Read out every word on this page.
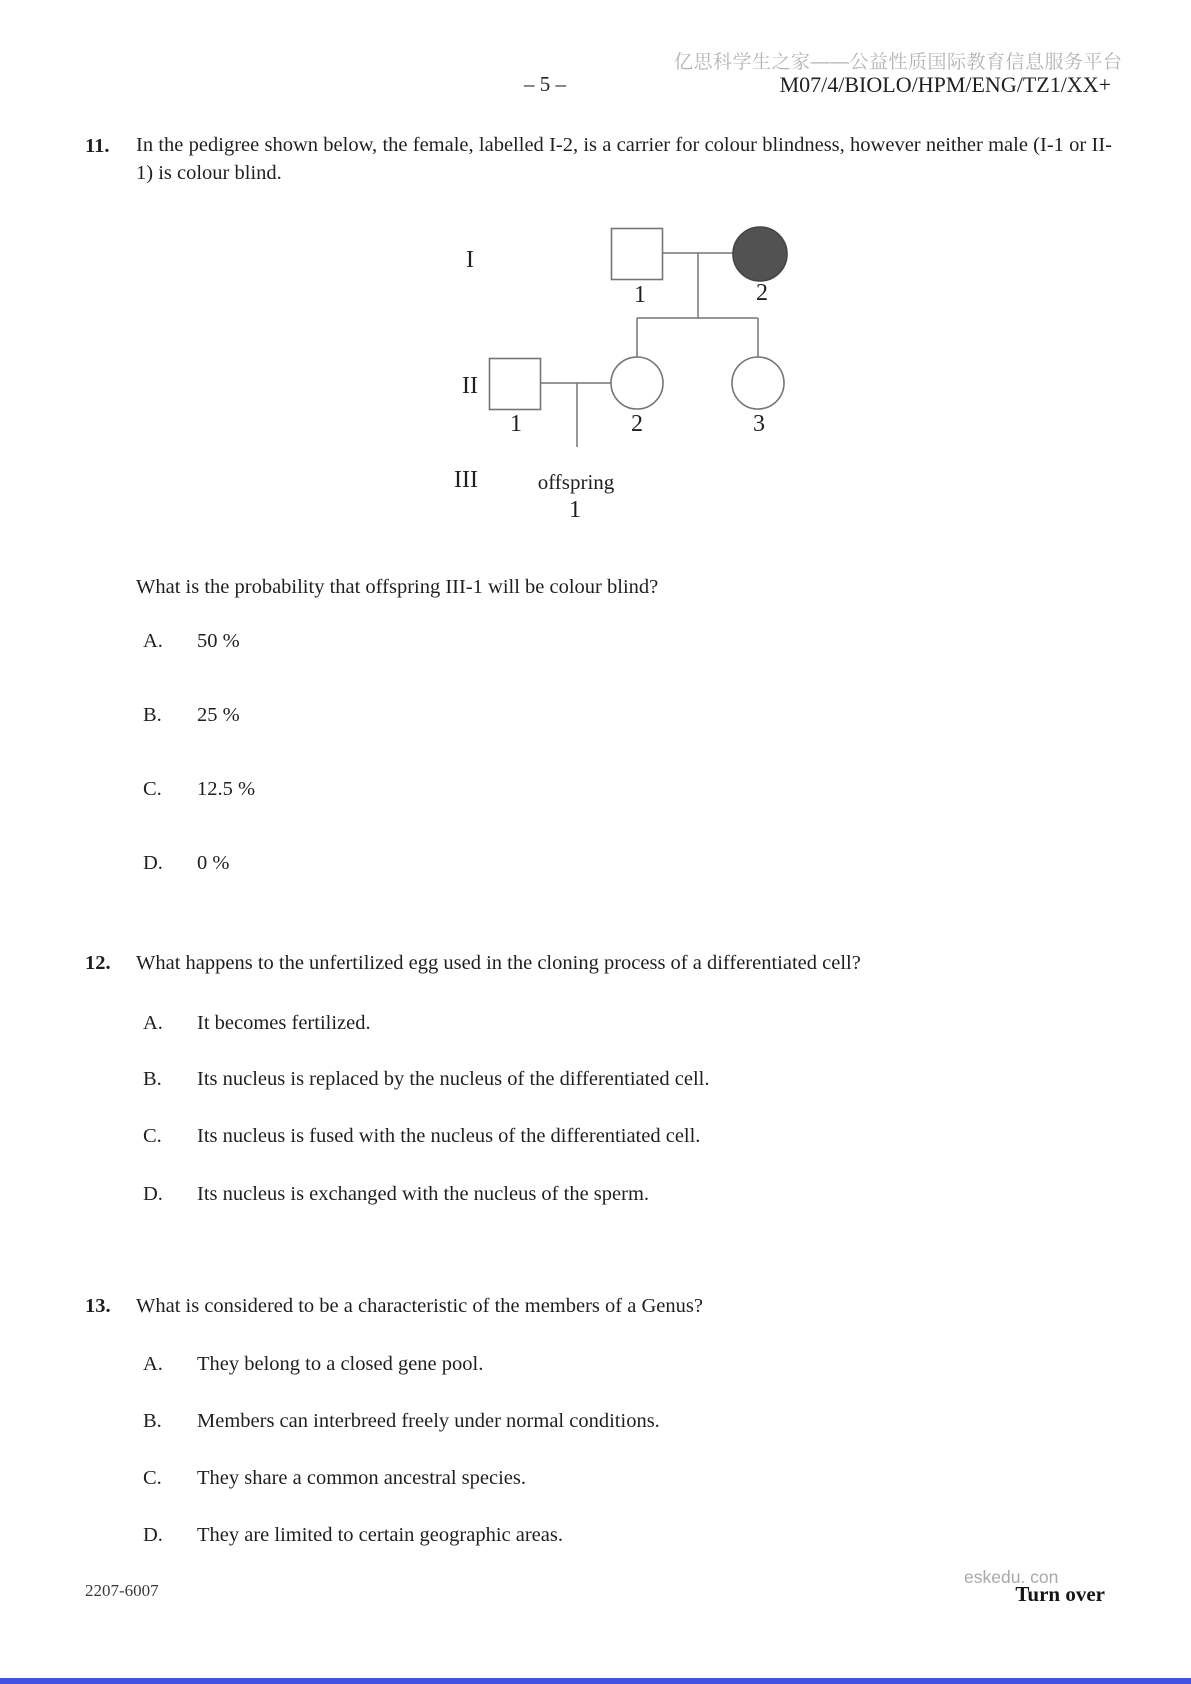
亿思科学生之家——公益性质国际教育信息服务平台
– 5 –	M07/4/BIOLO/HPM/ENG/TZ1/XX+
11. In the pedigree shown below, the female, labelled I-2, is a carrier for colour blindness, however neither male (I-1 or II-1) is colour blind.
I
II
III
1	2
1	2	3
offspring
1
What is the probability that offspring III-1 will be colour blind?
A. 50 %
B. 25 %
C. 12.5 %
D. 0 %
12. What happens to the unfertilized egg used in the cloning process of a differentiated cell?
A. It becomes fertilized.
B. Its nucleus is replaced by the nucleus of the differentiated cell.
C. Its nucleus is fused with the nucleus of the differentiated cell.
D. Its nucleus is exchanged with the nucleus of the sperm.
13. What is considered to be a characteristic of the members of a Genus?
A. They belong to a closed gene pool.
B. Members can interbreed freely under normal conditions.
C. They share a common ancestral species.
D. They are limited to certain geographic areas.
2207-6007
eskedu. con
Turn over
